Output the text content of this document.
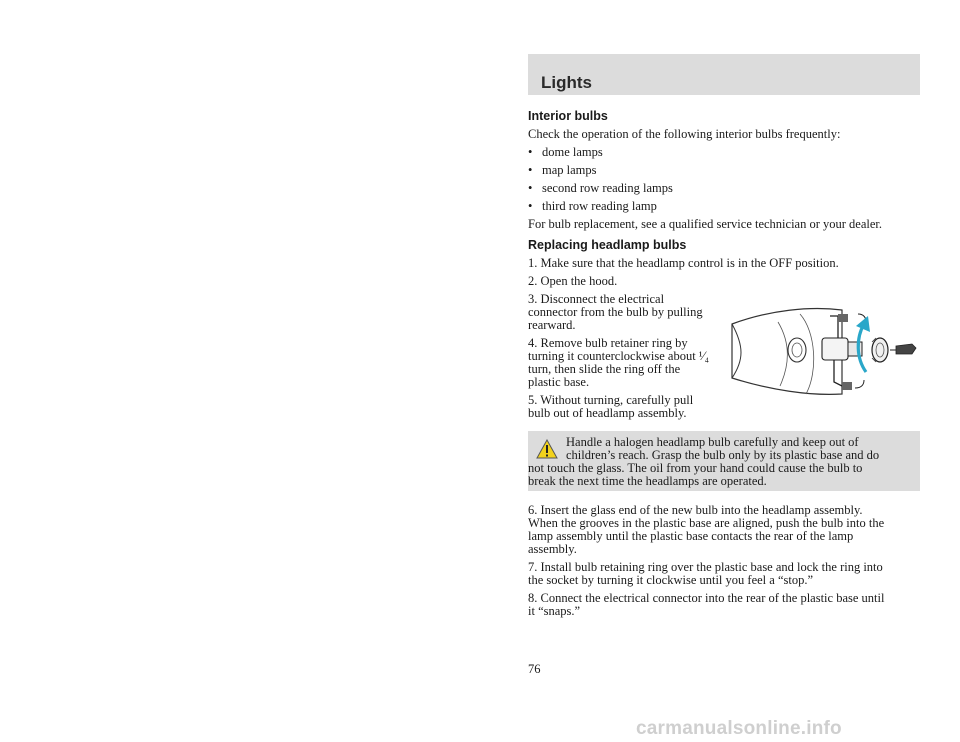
Lights
Interior bulbs
Check the operation of the following interior bulbs frequently:
• dome lamps
• map lamps
• second row reading lamps
• third row reading lamp
For bulb replacement, see a qualified service technician or your dealer.
Replacing headlamp bulbs
1. Make sure that the headlamp control is in the OFF position.
2. Open the hood.
3. Disconnect the electrical
connector from the bulb by pulling
rearward.
4. Remove bulb retainer ring by
turning it counterclockwise about ¹⁄₄
turn, then slide the ring off the
plastic base.
5. Without turning, carefully pull
bulb out of headlamp assembly.
Handle a halogen headlamp bulb carefully and keep out of
children’s reach. Grasp the bulb only by its plastic base and do
not touch the glass. The oil from your hand could cause the bulb to
break the next time the headlamps are operated.
6. Insert the glass end of the new bulb into the headlamp assembly.
When the grooves in the plastic base are aligned, push the bulb into the
lamp assembly until the plastic base contacts the rear of the lamp
assembly.
7. Install bulb retaining ring over the plastic base and lock the ring into
the socket by turning it clockwise until you feel a “stop.”
8. Connect the electrical connector into the rear of the plastic base until
it “snaps.”
76
carmanualsonline.info
